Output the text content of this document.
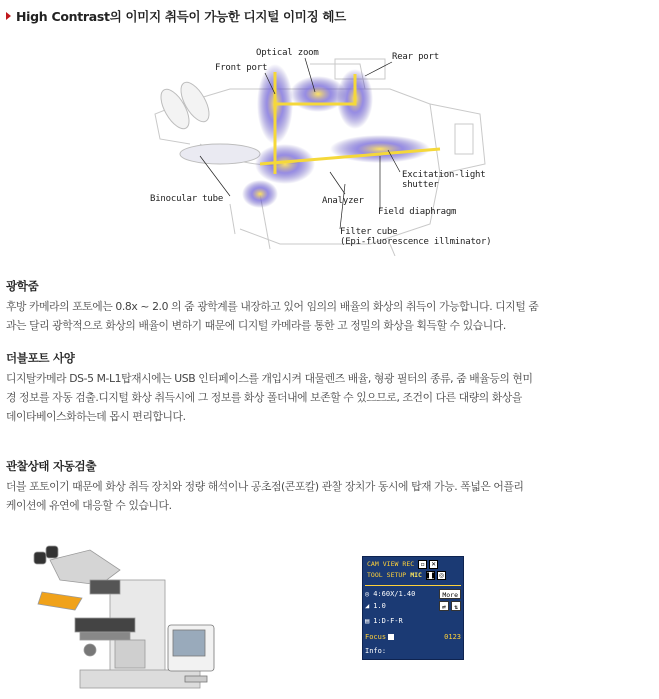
High Contrast의 이미지 취득이 가능한 디지털 이미징 헤드
Optical zoom	Rear port
Front port
Binocular tube	Analyzer
Excitation-light
shutter
Field diaphragm
Filter cube
(Epi-fluorescence illminator)
광학줌
후방 카메라의 포토에는 0.8x ~ 2.0 의 줌 광학계를 내장하고 있어 임의의 배율의 화상의 취득이 가능합니다. 디지털 줌
과는 달리 광학적으로 화상의 배율이 변하기 때문에 디지털 카메라를 통한 고 정밀의 화상을 획득할 수 있습니다.
더블포트 사양
디지탈카메라 DS-5 M-L1탑재시에는 USB 인터페이스를 개입시켜 대물렌즈 배율, 형광 필터의 종류, 줌 배율등의 현미
경 정보를 자동 검출.디지털 화상 취득시에 그 정보를 화상 폴더내에 보존할 수 있으므로, 조건이 다른 대량의 화상을
데이타베이스화하는데 몹시 편리합니다.
관찰상태 자동검출
더블 포토이기 때문에 화상 취득 장치와 정량 해석이나 공초점(콘포칼) 관찰 장치가 동시에 탑재 가능. 폭넓은 어플리
케이션에 유연에 대응할 수 있습니다.
CAM VIEW REC	▫	✕
TOOL SETUP MIC ❚❚ ◎
◎ 4:60X/1.40	More
◢ 1.0	⇄	⇅
▤ 1:D-F-R
Focus	0123
Info:
